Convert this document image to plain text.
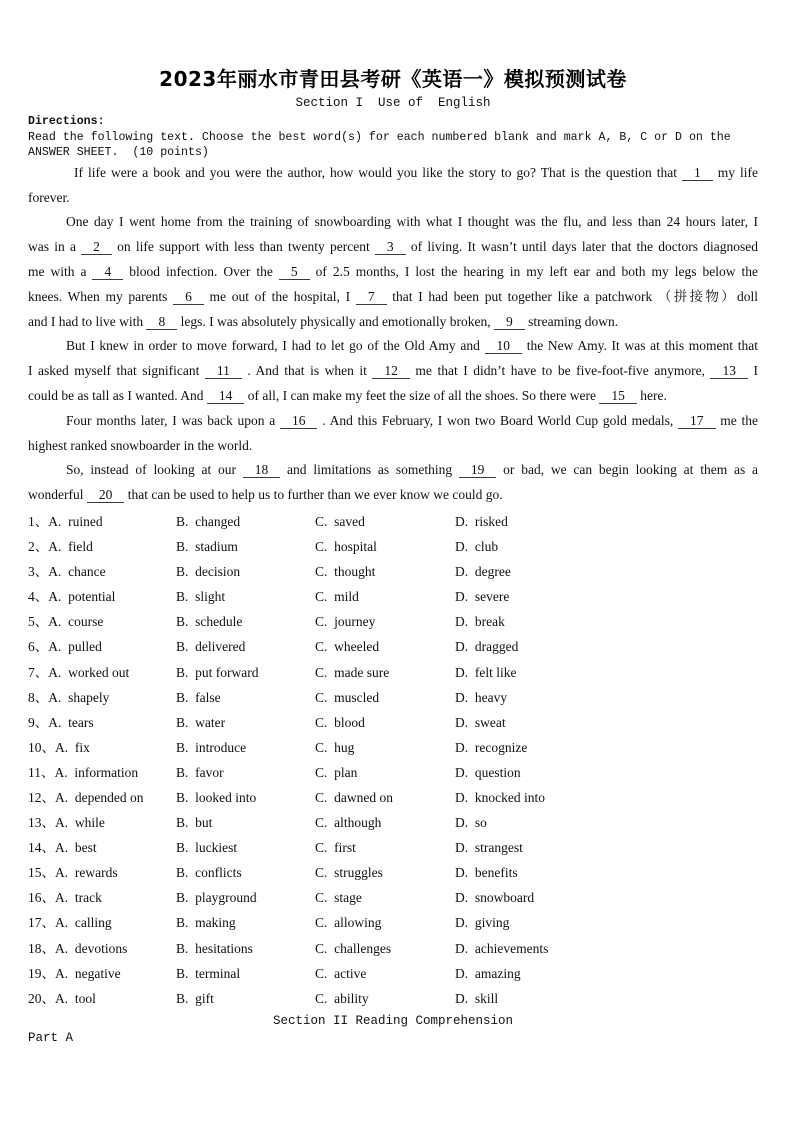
2023年丽水市青田县考研《英语一》模拟预测试卷
Section I  Use of  English
Directions:
Read the following text. Choose the best word(s) for each numbered blank and mark A, B, C or D on the
ANSWER SHEET.  (10 points)
If life were a book and you were the author, how would you like the story to go? That is the question that 1 my life
forever.
One day I went home from the training of snowboarding with what I thought was the flu, and less than 24 hours later, I
was in a 2 on life support with less than twenty percent 3 of living. It wasn’t until days later that the doctors diagnosed
me with a 4 blood infection. Over the 5 of 2.5 months, I lost the hearing in my left ear and both my legs below the
knees. When my parents 6 me out of the hospital, I 7 that I had been put together like a patchwork （拼接物）doll
and I had to live with 8 legs. I was absolutely physically and emotionally broken, 9 streaming down.
But I knew in order to move forward, I had to let go of the Old Amy and 10 the New Amy. It was at this moment that
I asked myself that significant 11 . And that is when it 12 me that I didn’t have to be five-foot-five anymore, 13 I
could be as tall as I wanted. And 14 of all, I can make my feet the size of all the shoes. So there were 15 here.
Four months later, I was back upon a 16 . And this February, I won two Board World Cup gold medals, 17 me the
highest ranked snowboarder in the world.
So, instead of looking at our 18 and limitations as something 19 or bad, we can begin looking at them as a
wonderful 20 that can be used to help us to further than we ever know we could go.
1、A.  ruined	B.  changed	C.  saved	D.  risked
2、A.  field	B.  stadium	C.  hospital	D.  club
3、A.  chance	B.  decision	C.  thought	D.  degree
4、A.  potential	B.  slight	C.  mild	D.  severe
5、A.  course	B.  schedule	C.  journey	D.  break
6、A.  pulled	B.  delivered	C.  wheeled	D.  dragged
7、A.  worked out	B.  put forward	C.  made sure	D.  felt like
8、A.  shapely	B.  false	C.  muscled	D.  heavy
9、A.  tears	B.  water	C.  blood	D.  sweat
10、A.  fix	B.  introduce	C.  hug	D.  recognize
11、A.  information	B.  favor	C.  plan	D.  question
12、A.  depended on	B.  looked into	C.  dawned on	D.  knocked into
13、A.  while	B.  but	C.  although	D.  so
14、A.  best	B.  luckiest	C.  first	D.  strangest
15、A.  rewards	B.  conflicts	C.  struggles	D.  benefits
16、A.  track	B.  playground	C.  stage	D.  snowboard
17、A.  calling	B.  making	C.  allowing	D.  giving
18、A.  devotions	B.  hesitations	C.  challenges	D.  achievements
19、A.  negative	B.  terminal	C.  active	D.  amazing
20、A.  tool	B.  gift	C.  ability	D.  skill
Section II Reading Comprehension
Part A
